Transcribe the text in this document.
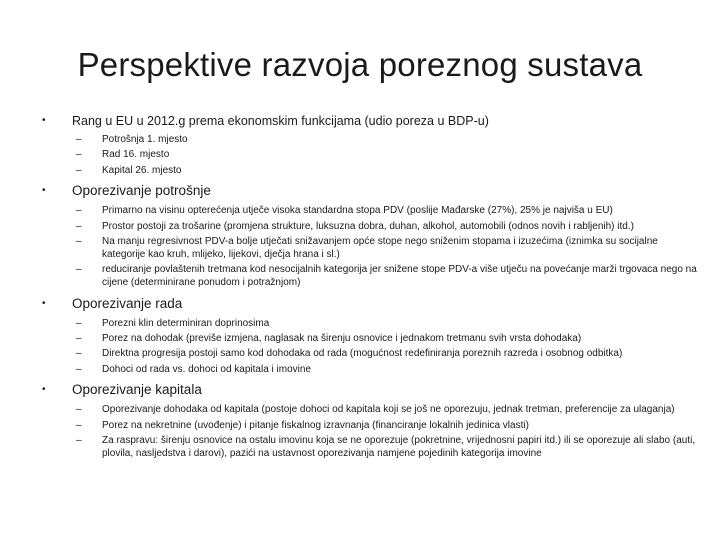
Perspektive razvoja poreznog sustava
• Rang u EU u 2012.g prema ekonomskim funkcijama (udio poreza u BDP-u)
– Potrošnja 1. mjesto
– Rad 16. mjesto
– Kapital 26. mjesto
• Oporezivanje potrošnje
– Primarno na visinu opterećenja utječe visoka standardna stopa PDV (poslije Mađarske (27%), 25% je najviša u EU)
– Prostor postoji za trošarine (promjena strukture, luksuzna dobra, duhan, alkohol, automobili (odnos novih i rabljenih) itd.)
– Na manju regresivnost PDV-a bolje utječati snižavanjem opće stope nego sniženim stopama i izuzećima (iznimka su socijalne kategorije kao kruh, mlijeko, lijekovi, dječja hrana i sl.)
– reduciranje povlaštenih tretmana kod nesocijalnih kategorija jer snižene stope PDV-a više utječu na povećanje marži trgovaca nego na cijene (determinirane ponudom i potražnjom)
• Oporezivanje rada
– Porezni klin determiniran doprinosima
– Porez na dohodak (previše izmjena, naglasak na širenju osnovice i jednakom tretmanu svih vrsta dohodaka)
– Direktna progresija postoji samo kod dohodaka od rada (mogućnost redefiniranja poreznih razreda i osobnog odbitka)
– Dohoci od rada vs. dohoci od kapitala i imovine
• Oporezivanje kapitala
– Oporezivanje dohodaka od kapitala (postoje dohoci od kapitala koji se još ne oporezuju, jednak tretman, preferencije za ulaganja)
– Porez na nekretnine (uvođenje) i pitanje fiskalnog izravnanja (financiranje lokalnih jedinica vlasti)
– Za raspravu: širenju osnovice na ostalu imovinu koja se ne oporezuje (pokretnine, vrijednosni papiri itd.) ili se oporezuje ali slabo (auti, plovila, nasljedstva i darovi), pazići na ustavnost oporezivanja namjene pojedinih kategorija imovine
